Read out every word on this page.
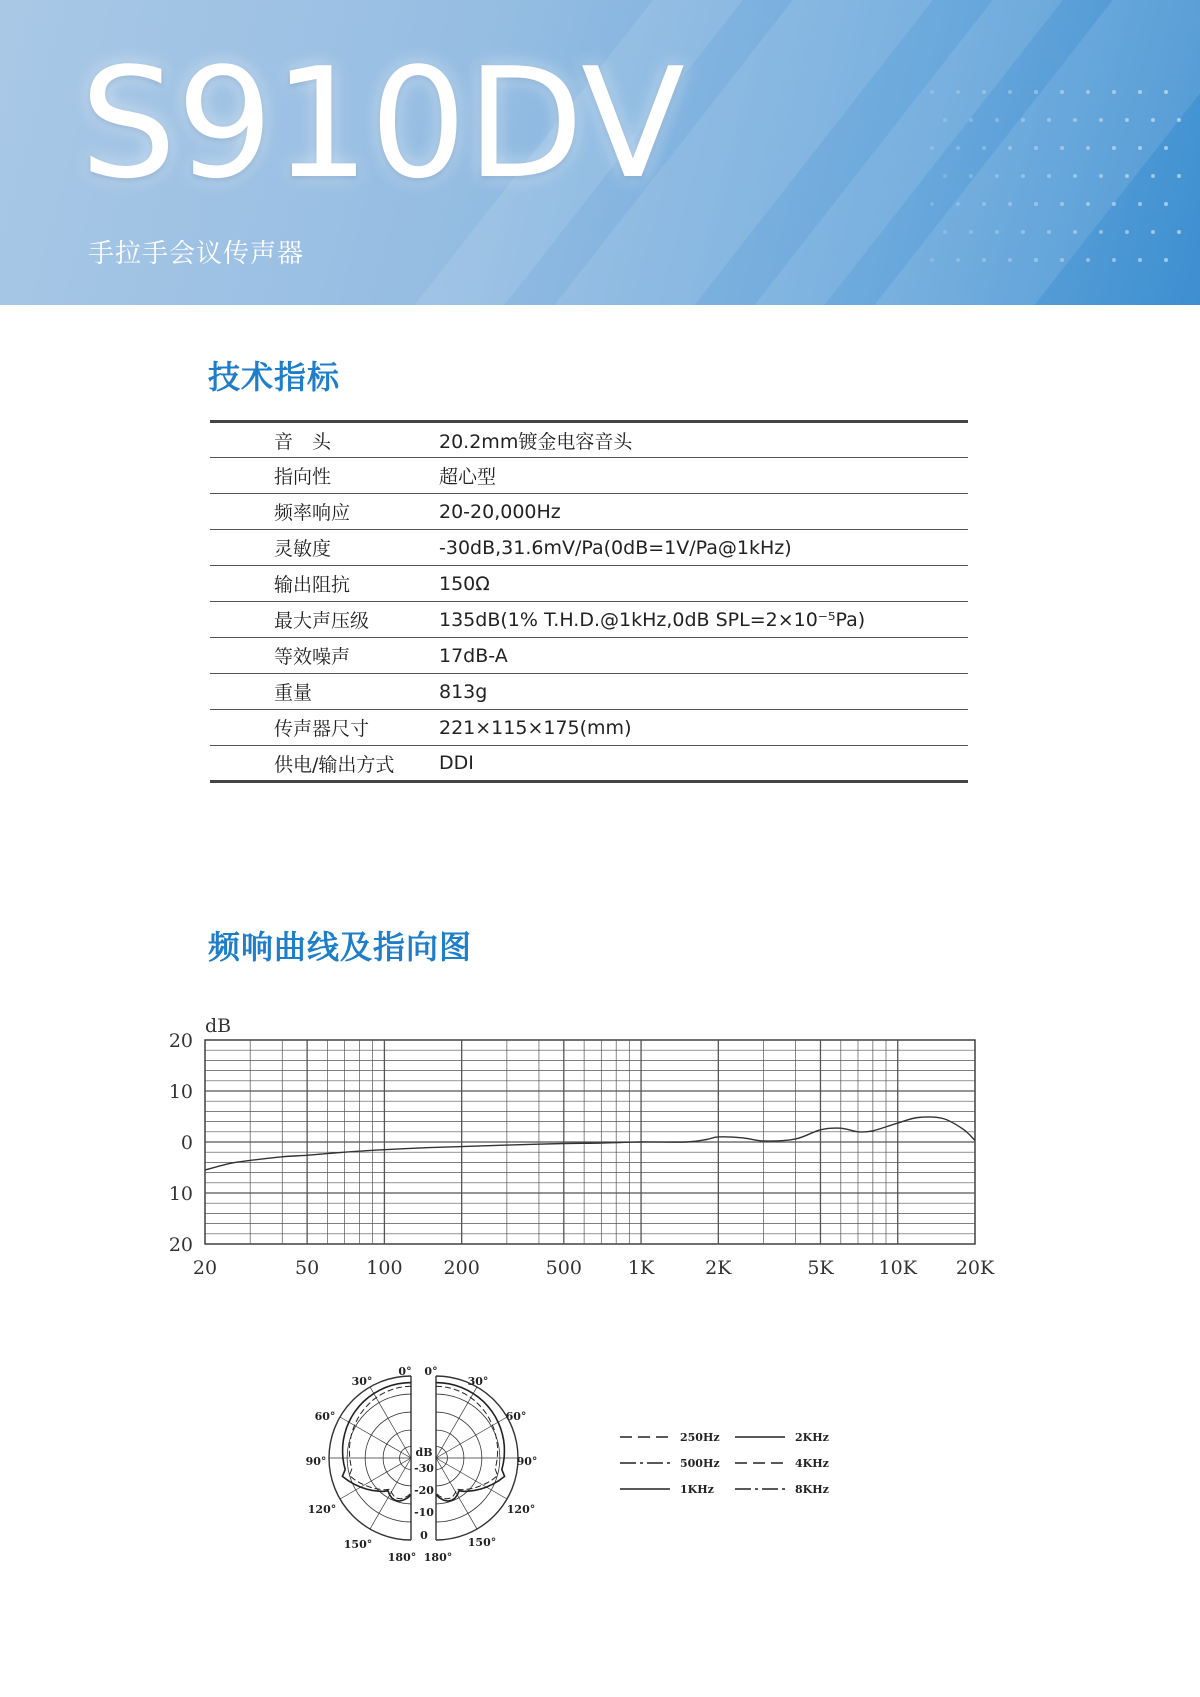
S910DV
手拉手会议传声器
技术指标
音　头	20.2mm镀金电容音头
指向性	超心型
频率响应	20-20,000Hz
灵敏度	-30dB,31.6mV/Pa(0dB=1V/Pa@1kHz)
输出阻抗	150Ω
最大声压级	135dB(1% T.H.D.@1kHz,0dB SPL=2×10⁻⁵Pa)
等效噪声	17dB-A
重量	813g
传声器尺寸	221×115×175(mm)
供电/输出方式	DDI
频响曲线及指向图
20	50 100 200	500 1K	2K	5K 10K 20K
20
10
0
10
20
dB
0° 0°
30°	30°
60°	60°
90°	90°
120°	120°
150°	150°
180° 180°
dB
-30
-20
-10
0
250Hz
500Hz
1KHz
2KHz
4KHz
8KHz
